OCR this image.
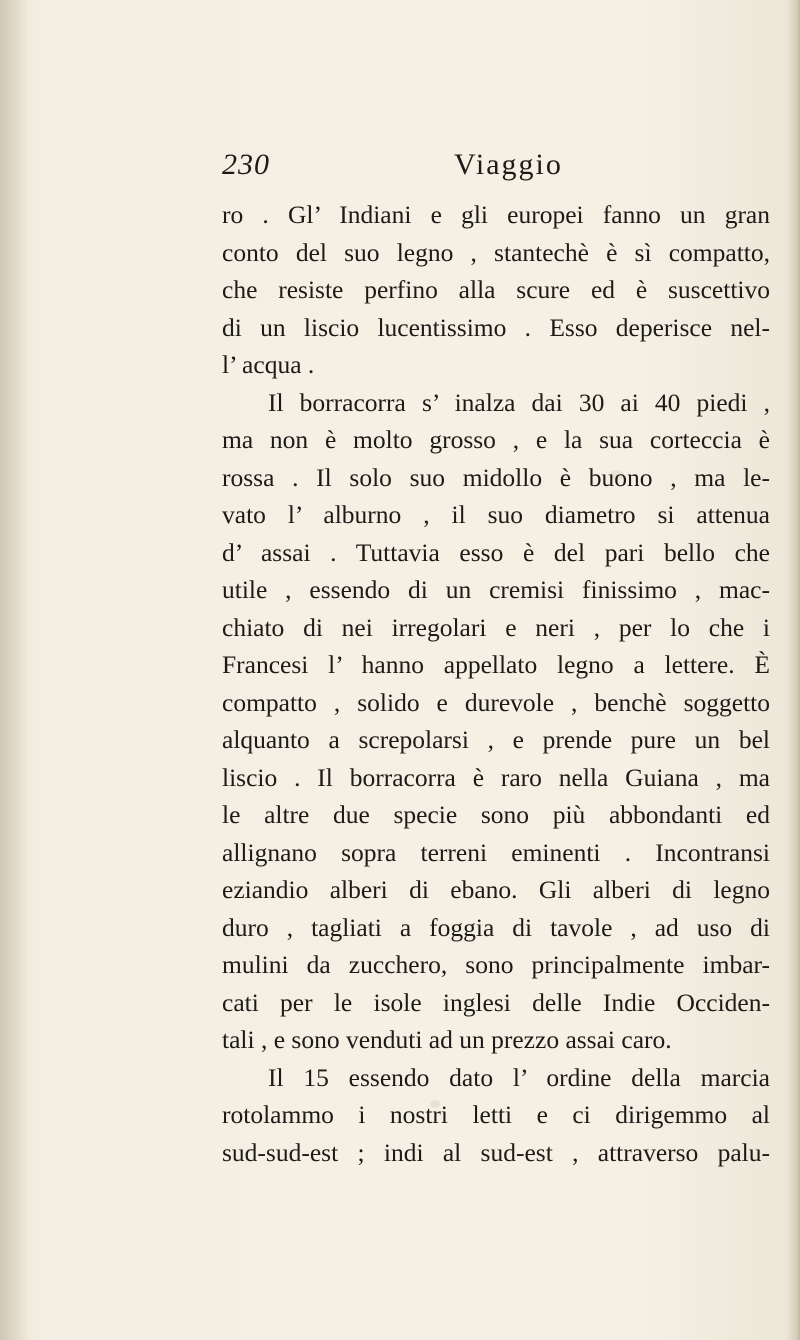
230	Viaggio
ro . Gl’ Indiani e gli europei fanno un gran
conto del suo legno , stantechè è sì compatto,
che resiste perfino alla scure ed è suscettivo
di un liscio lucentissimo . Esso deperisce nel-
l’ acqua .
Il borracorra s’ inalza dai 30 ai 40 piedi ,
ma non è molto grosso , e la sua corteccia è
rossa . Il solo suo midollo è buono , ma le-
vato l’ alburno , il suo diametro si attenua
d’ assai . Tuttavia esso è del pari bello che
utile , essendo di un cremisi finissimo , mac-
chiato di nei irregolari e neri , per lo che i
Francesi l’ hanno appellato legno a lettere. È
compatto , solido e durevole , benchè soggetto
alquanto a screpolarsi , e prende pure un bel
liscio . Il borracorra è raro nella Guiana , ma
le altre due specie sono più abbondanti ed
allignano sopra terreni eminenti . Incontransi
eziandio alberi di ebano. Gli alberi di legno
duro , tagliati a foggia di tavole , ad uso di
mulini da zucchero, sono principalmente imbar-
cati per le isole inglesi delle Indie Occiden-
tali , e sono venduti ad un prezzo assai caro.
Il 15 essendo dato l’ ordine della marcia
rotolammo i nostri letti e ci dirigemmo al
sud-sud-est ; indi al sud-est , attraverso palu-
